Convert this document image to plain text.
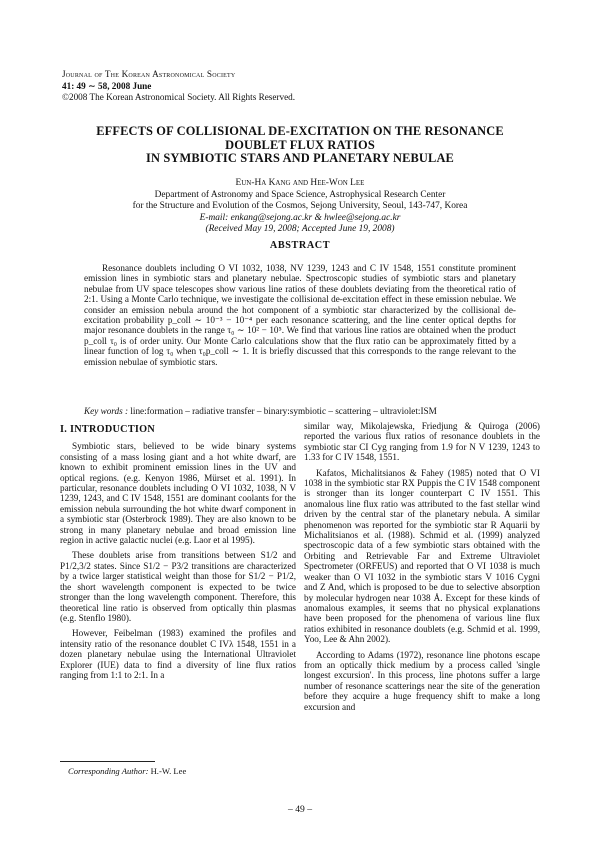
Journal of The Korean Astronomical Society
41: 49 ∼ 58, 2008 June
©2008 The Korean Astronomical Society. All Rights Reserved.
EFFECTS OF COLLISIONAL DE-EXCITATION ON THE RESONANCE
DOUBLET FLUX RATIOS
IN SYMBIOTIC STARS AND PLANETARY NEBULAE
Eun-Ha Kang and Hee-Won Lee
Department of Astronomy and Space Science, Astrophysical Research Center
for the Structure and Evolution of the Cosmos, Sejong University, Seoul, 143-747, Korea
E-mail: enkang@sejong.ac.kr & hwlee@sejong.ac.kr
(Received May 19, 2008; Accepted June 19, 2008)
ABSTRACT
Resonance doublets including O VI 1032, 1038, NV 1239, 1243 and C IV 1548, 1551 constitute prominent emission lines in symbiotic stars and planetary nebulae. Spectroscopic studies of symbiotic stars and planetary nebulae from UV space telescopes show various line ratios of these doublets deviating from the theoretical ratio of 2:1. Using a Monte Carlo technique, we investigate the collisional de-excitation effect in these emission nebulae. We consider an emission nebula around the hot component of a symbiotic star characterized by the collisional de-excitation probability p_coll ∼ 10⁻³ − 10⁻⁴ per each resonance scattering, and the line center optical depths for major resonance doublets in the range τ₀ ∼ 10² − 10⁵. We find that various line ratios are obtained when the product p_coll τ₀ is of order unity. Our Monte Carlo calculations show that the flux ratio can be approximately fitted by a linear function of log τ₀ when τ₀p_coll ∼ 1. It is briefly discussed that this corresponds to the range relevant to the emission nebulae of symbiotic stars.
Key words : line:formation – radiative transfer – binary:symbiotic – scattering – ultraviolet:ISM
I. INTRODUCTION

Symbiotic stars, believed to be wide binary systems consisting of a mass losing giant and a hot white dwarf, are known to exhibit prominent emission lines in the UV and optical regions. (e.g. Kenyon 1986, Mürset et al. 1991). In particular, resonance doublets including O VI 1032, 1038, N V 1239, 1243, and C IV 1548, 1551 are dominant coolants for the emission nebula surrounding the hot white dwarf component in a symbiotic star (Osterbrock 1989). They are also known to be strong in many planetary nebulae and broad emission line region in active galactic nuclei (e.g. Laor et al 1995).

These doublets arise from transitions between S1/2 and P1/2,3/2 states. Since S1/2 − P3/2 transitions are characterized by a twice larger statistical weight than those for S1/2 − P1/2, the short wavelength component is expected to be twice stronger than the long wavelength component. Therefore, this theoretical line ratio is observed from optically thin plasmas (e.g. Stenflo 1980).

However, Feibelman (1983) examined the profiles and intensity ratio of the resonance doublet C IVλ 1548, 1551 in a dozen planetary nebulae using the International Ultraviolet Explorer (IUE) data to find a diversity of line flux ratios ranging from 1:1 to 2:1. In a

similar way, Mikolajewska, Friedjung & Quiroga (2006) reported the various flux ratios of resonance doublets in the symbiotic star CI Cyg ranging from 1.9 for N V 1239, 1243 to 1.33 for C IV 1548, 1551.

Kafatos, Michalitsianos & Fahey (1985) noted that O VI 1038 in the symbiotic star RX Puppis the C IV 1548 component is stronger than its longer counterpart C IV 1551. This anomalous line flux ratio was attributed to the fast stellar wind driven by the central star of the planetary nebula. A similar phenomenon was reported for the symbiotic star R Aquarii by Michalitsianos et al. (1988). Schmid et al. (1999) analyzed spectroscopic data of a few symbiotic stars obtained with the Orbiting and Retrievable Far and Extreme Ultraviolet Spectrometer (ORFEUS) and reported that O VI 1038 is much weaker than O VI 1032 in the symbiotic stars V 1016 Cygni and Z And, which is proposed to be due to selective absorption by molecular hydrogen near 1038 Å. Except for these kinds of anomalous examples, it seems that no physical explanations have been proposed for the phenomena of various line flux ratios exhibited in resonance doublets (e.g. Schmid et al. 1999, Yoo, Lee & Ahn 2002).

According to Adams (1972), resonance line photons escape from an optically thick medium by a process called 'single longest excursion'. In this process, line photons suffer a large number of resonance scatterings near the site of the generation before they acquire a huge frequency shift to make a long excursion and

Corresponding Author: H.-W. Lee
– 49 –
